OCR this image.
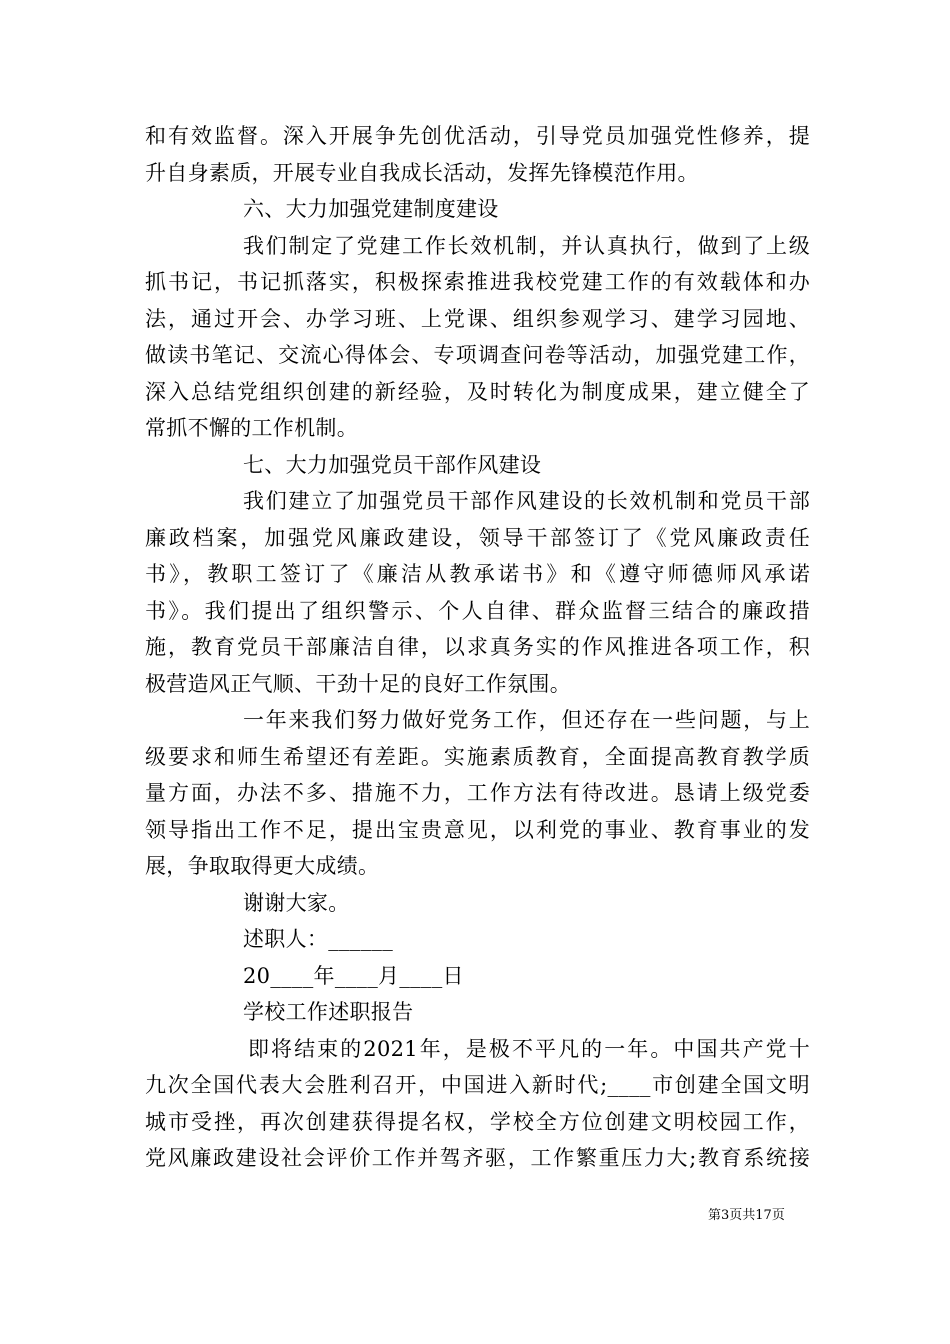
和有效监督。深入开展争先创优活动，引导党员加强党性修养，提
升自身素质，开展专业自我成长活动，发挥先锋模范作用。
六、大力加强党建制度建设
我们制定了党建工作长效机制，并认真执行，做到了上级
抓书记，书记抓落实，积极探索推进我校党建工作的有效载体和办
法，通过开会、办学习班、上党课、组织参观学习、建学习园地、
做读书笔记、交流心得体会、专项调查问卷等活动，加强党建工作，
深入总结党组织创建的新经验，及时转化为制度成果，建立健全了
常抓不懈的工作机制。
七、大力加强党员干部作风建设
我们建立了加强党员干部作风建设的长效机制和党员干部
廉政档案，加强党风廉政建设，领导干部签订了《党风廉政责任
书》，教职工签订了《廉洁从教承诺书》和《遵守师德师风承诺
书》。我们提出了组织警示、个人自律、群众监督三结合的廉政措
施，教育党员干部廉洁自律，以求真务实的作风推进各项工作，积
极营造风正气顺、干劲十足的良好工作氛围。
一年来我们努力做好党务工作，但还存在一些问题，与上
级要求和师生希望还有差距。实施素质教育，全面提高教育教学质
量方面，办法不多、措施不力，工作方法有待改进。恳请上级党委
领导指出工作不足，提出宝贵意见，以利党的事业、教育事业的发
展，争取取得更大成绩。
谢谢大家。
述职人：______
20____年____月____日
学校工作述职报告
即将结束的2021年，是极不平凡的一年。中国共产党十
九次全国代表大会胜利召开，中国进入新时代;____市创建全国文明
城市受挫，再次创建获得提名权，学校全方位创建文明校园工作，
党风廉政建设社会评价工作并驾齐驱，工作繁重压力大;教育系统接
第3页共17页
